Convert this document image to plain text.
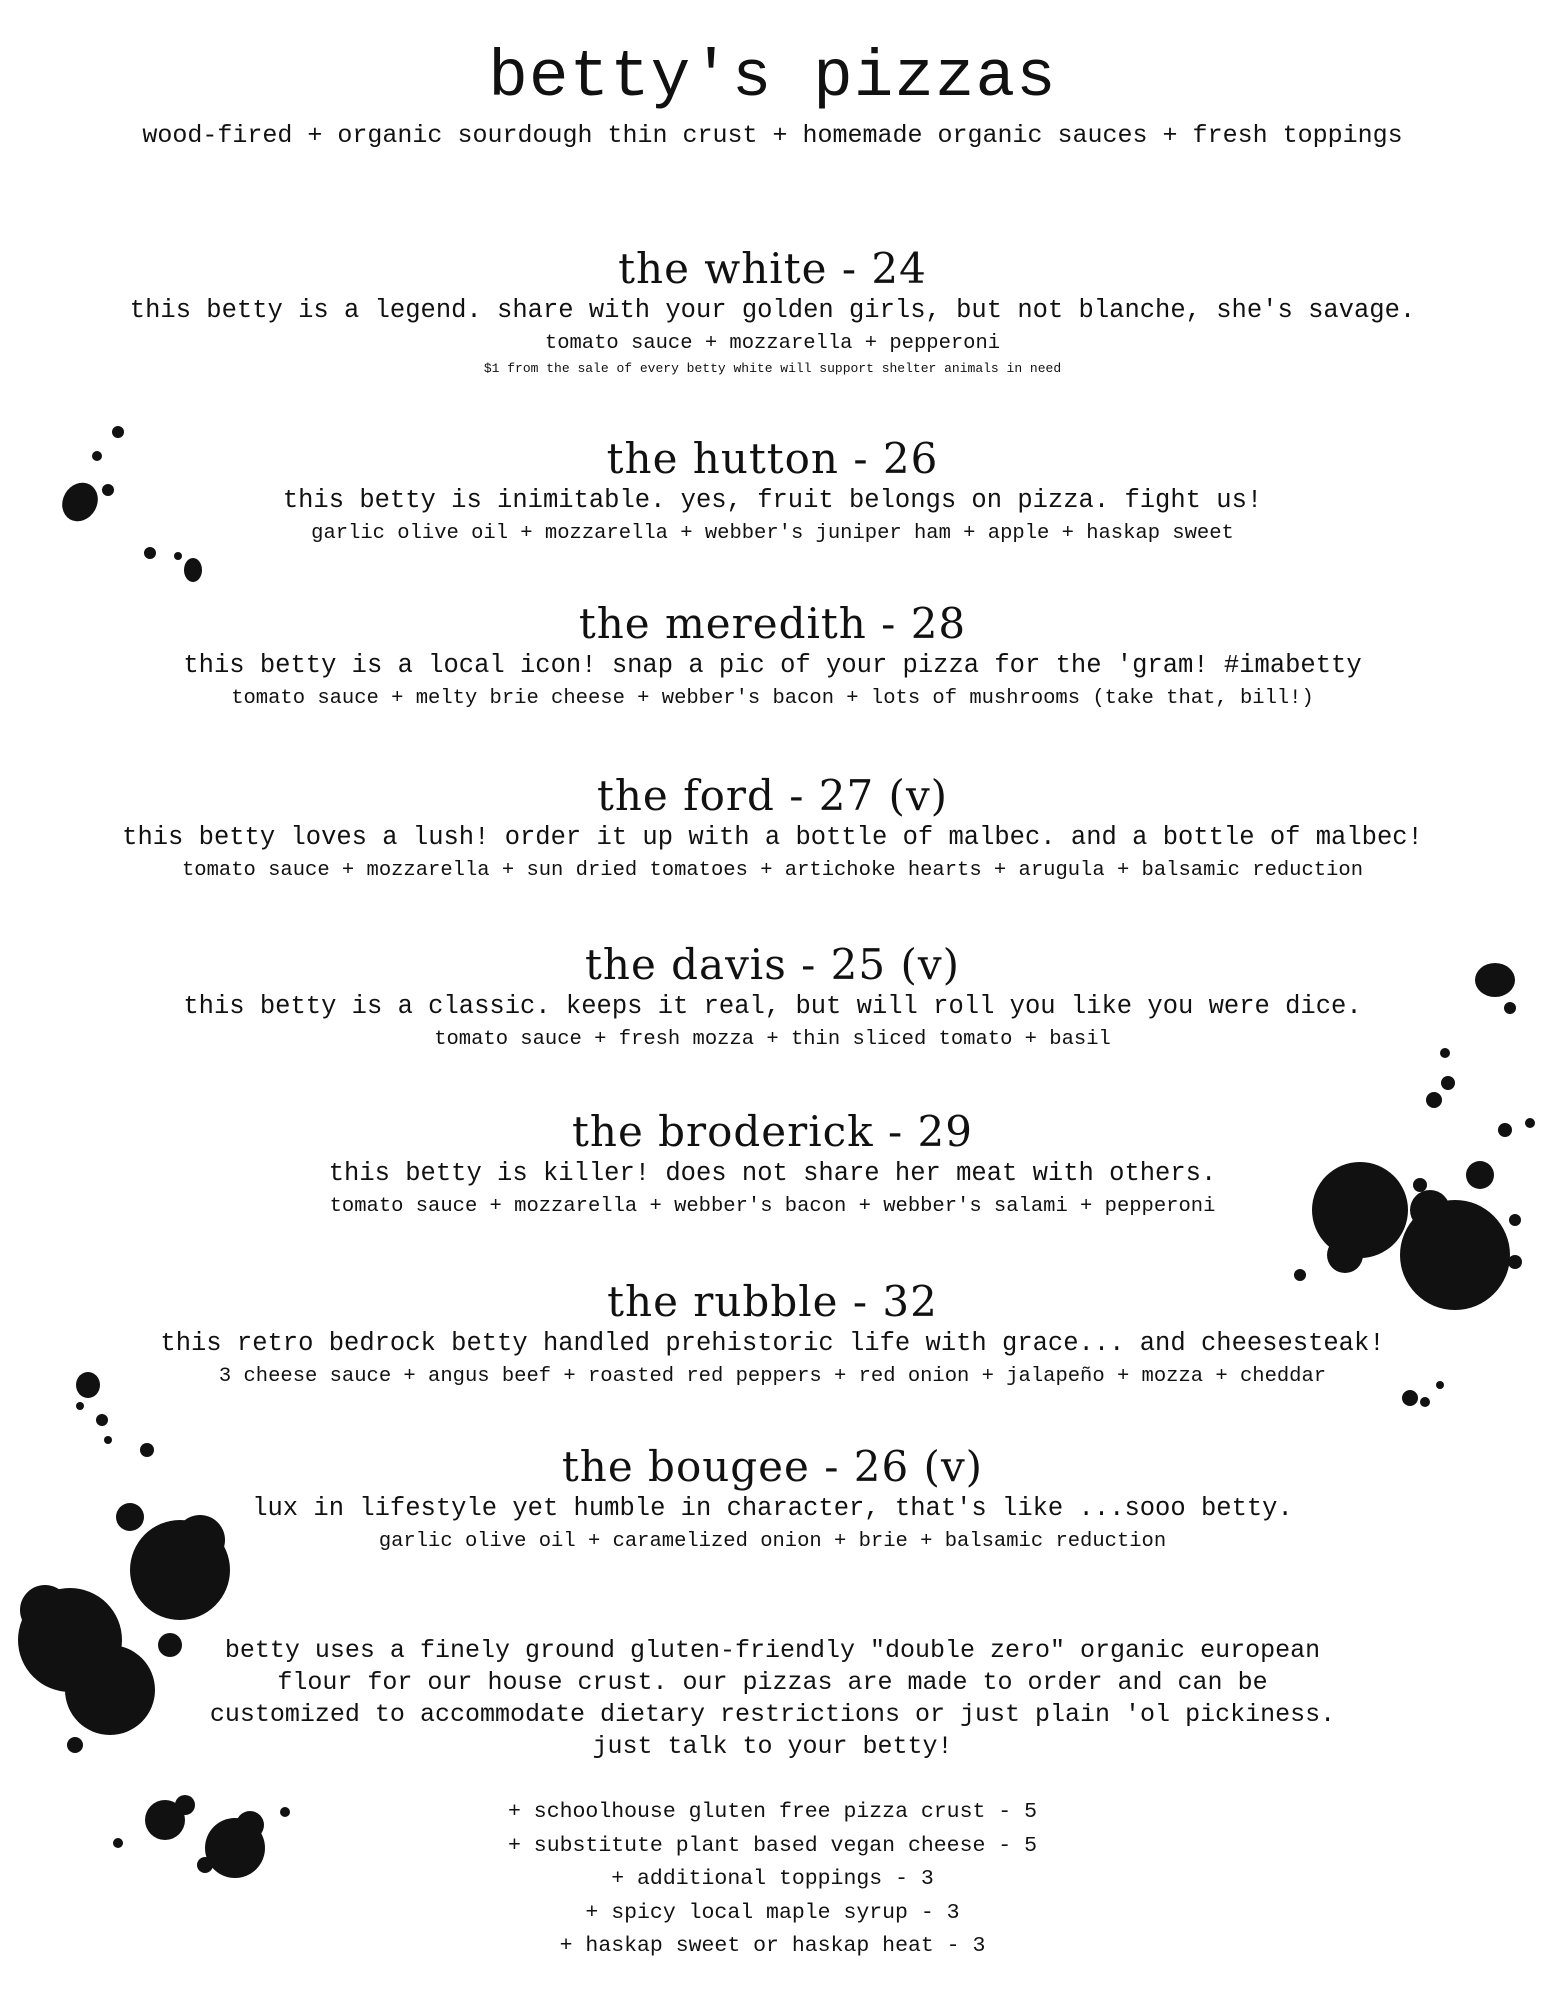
betty's pizzas
wood-fired + organic sourdough thin crust + homemade organic sauces + fresh toppings
the white - 24
this betty is a legend. share with your golden girls, but not blanche, she's savage.
tomato sauce + mozzarella + pepperoni
$1 from the sale of every betty white will support shelter animals in need
the hutton - 26
this betty is inimitable. yes, fruit belongs on pizza. fight us!
garlic olive oil + mozzarella + webber's juniper ham + apple + haskap sweet
the meredith - 28
this betty is a local icon! snap a pic of your pizza for the 'gram! #imabetty
tomato sauce + melty brie cheese + webber's bacon + lots of mushrooms (take that, bill!)
the ford - 27 (v)
this betty loves a lush! order it up with a bottle of malbec. and a bottle of malbec!
tomato sauce + mozzarella + sun dried tomatoes + artichoke hearts + arugula + balsamic reduction
the davis - 25 (v)
this betty is a classic. keeps it real, but will roll you like you were dice.
tomato sauce + fresh mozza + thin sliced tomato + basil
the broderick - 29
this betty is killer! does not share her meat with others.
tomato sauce + mozzarella + webber's bacon + webber's salami + pepperoni
the rubble - 32
this retro bedrock betty handled prehistoric life with grace... and cheesesteak!
3 cheese sauce + angus beef + roasted red peppers + red onion + jalapeño + mozza + cheddar
the bougee - 26 (v)
lux in lifestyle yet humble in character, that's like ...sooo betty.
garlic olive oil + caramelized onion + brie + balsamic reduction
betty uses a finely ground gluten-friendly "double zero" organic european
flour for our house crust. our pizzas are made to order and can be
customized to accommodate dietary restrictions or just plain 'ol pickiness.
just talk to your betty!
+ schoolhouse gluten free pizza crust - 5
+ substitute plant based vegan cheese - 5
+ additional toppings - 3
+ spicy local maple syrup - 3
+ haskap sweet or haskap heat - 3
